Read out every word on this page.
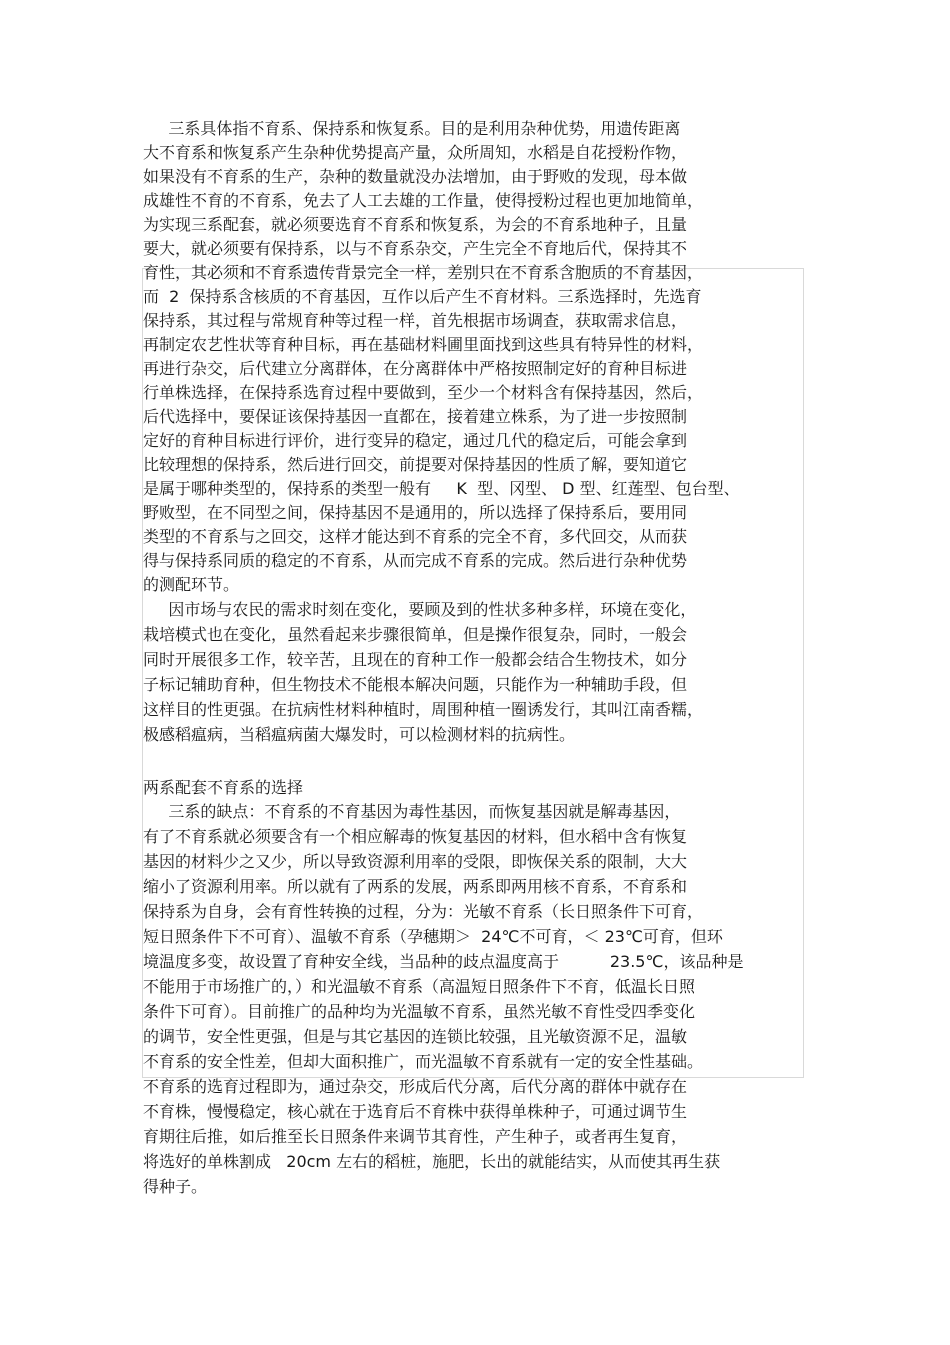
三系具体指不育系、保持系和恢复系。目的是利用杂种优势，用遗传距离
大不育系和恢复系产生杂种优势提高产量，众所周知，水稻是自花授粉作物，
如果没有不育系的生产，杂种的数量就没办法增加，由于野败的发现，母本做
成雄性不育的不育系，免去了人工去雄的工作量，使得授粉过程也更加地简单，
为实现三系配套，就必须要选育不育系和恢复系，为会的不育系地种子，且量
要大，就必须要有保持系，以与不育系杂交，产生完全不育地后代，保持其不
育性，其必须和不育系遗传背景完全一样，差别只在不育系含胞质的不育基因，
而  2  保持系含核质的不育基因，互作以后产生不育材料。三系选择时，先选育
保持系，其过程与常规育种等过程一样，首先根据市场调查，获取需求信息，
再制定农艺性状等育种目标，再在基础材料圃里面找到这些具有特异性的材料，
再进行杂交，后代建立分离群体，在分离群体中严格按照制定好的育种目标进
行单株选择，在保持系选育过程中要做到，至少一个材料含有保持基因，然后，
后代选择中，要保证该保持基因一直都在，接着建立株系，为了进一步按照制
定好的育种目标进行评价，进行变异的稳定，通过几代的稳定后，可能会拿到
比较理想的保持系，然后进行回交，前提要对保持基因的性质了解，要知道它
是属于哪种类型的，保持系的类型一般有     K  型、冈型、 D 型、红莲型、包台型、
野败型，在不同型之间，保持基因不是通用的，所以选择了保持系后，要用同
类型的不育系与之回交，这样才能达到不育系的完全不育，多代回交，从而获
得与保持系同质的稳定的不育系，从而完成不育系的完成。然后进行杂种优势
的测配环节。
因市场与农民的需求时刻在变化，要顾及到的性状多种多样，环境在变化，
栽培模式也在变化，虽然看起来步骤很简单，但是操作很复杂，同时，一般会
同时开展很多工作，较辛苦，且现在的育种工作一般都会结合生物技术，如分
子标记辅助育种，但生物技术不能根本解决问题，只能作为一种辅助手段，但
这样目的性更强。在抗病性材料种植时，周围种植一圈诱发行，其叫江南香糯，
极感稻瘟病，当稻瘟病菌大爆发时，可以检测材料的抗病性。
两系配套不育系的选择
三系的缺点：不育系的不育基因为毒性基因，而恢复基因就是解毒基因，
有了不育系就必须要含有一个相应解毒的恢复基因的材料，但水稻中含有恢复
基因的材料少之又少，所以导致资源利用率的受限，即恢保关系的限制，大大
缩小了资源利用率。所以就有了两系的发展，两系即两用核不育系，不育系和
保持系为自身，会有育性转换的过程，分为：光敏不育系（长日照条件下可育，
短日照条件下不可育）、温敏不育系（孕穗期＞  24℃不可育，＜ 23℃可育，但环
境温度多变，故设置了育种安全线，当品种的歧点温度高于          23.5℃，该品种是
不能用于市场推广的，）和光温敏不育系（高温短日照条件下不育，低温长日照
条件下可育）。目前推广的品种均为光温敏不育系，虽然光敏不育性受四季变化
的调节，安全性更强，但是与其它基因的连锁比较强，且光敏资源不足，温敏
不育系的安全性差，但却大面积推广，而光温敏不育系就有一定的安全性基础。
不育系的选育过程即为，通过杂交，形成后代分离，后代分离的群体中就存在
不育株，慢慢稳定，核心就在于选育后不育株中获得单株种子，可通过调节生
育期往后推，如后推至长日照条件来调节其育性，产生种子，或者再生复育，
将选好的单株割成   20cm 左右的稻桩，施肥，长出的就能结实，从而使其再生获
得种子。
